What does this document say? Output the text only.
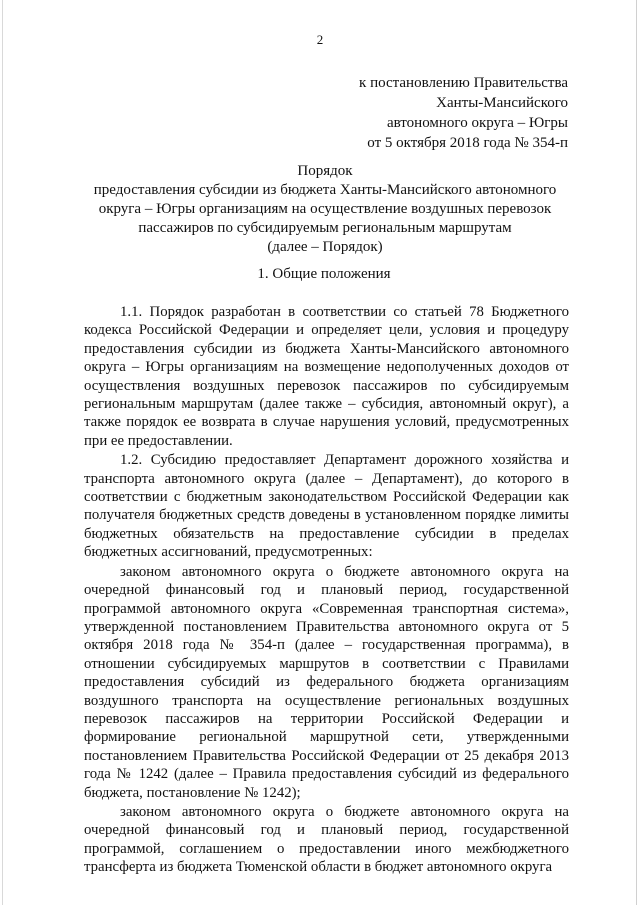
2
к постановлению Правительства
Ханты-Мансийского
автономного округа – Югры
от 5 октября 2018 года № 354-п
Порядок
предоставления субсидии из бюджета Ханты-Мансийского автономного
округа – Югры организациям на осуществление воздушных перевозок
пассажиров по субсидируемым региональным маршрутам
(далее – Порядок)
1. Общие положения

1.1. Порядок разработан в соответствии со статьей 78 Бюджетного кодекса Российской Федерации и определяет цели, условия и процедуру предоставления субсидии из бюджета Ханты-Мансийского автономного округа – Югры организациям на возмещение недополученных доходов от осуществления воздушных перевозок пассажиров по субсидируемым региональным маршрутам (далее также – субсидия, автономный округ), а также порядок ее возврата в случае нарушения условий, предусмотренных при ее предоставлении.

1.2. Субсидию предоставляет Департамент дорожного хозяйства и транспорта автономного округа (далее – Департамент), до которого в соответствии с бюджетным законодательством Российской Федерации как получателя бюджетных средств доведены в установленном порядке лимиты бюджетных обязательств на предоставление субсидии в пределах бюджетных ассигнований, предусмотренных:

законом автономного округа о бюджете автономного округа на очередной финансовый год и плановый период, государственной программой автономного округа «Современная транспортная система», утвержденной постановлением Правительства автономного округа от 5 октября 2018 года № 354-п (далее – государственная программа), в отношении субсидируемых маршрутов в соответствии с Правилами предоставления субсидий из федерального бюджета организациям воздушного транспорта на осуществление региональных воздушных перевозок пассажиров на территории Российской Федерации и формирование региональной маршрутной сети, утвержденными постановлением Правительства Российской Федерации от 25 декабря 2013 года № 1242 (далее – Правила предоставления субсидий из федерального бюджета, постановление № 1242);

законом автономного округа о бюджете автономного округа на очередной финансовый год и плановый период, государственной программой, соглашением о предоставлении иного межбюджетного трансферта из бюджета Тюменской области в бюджет автономного округа
